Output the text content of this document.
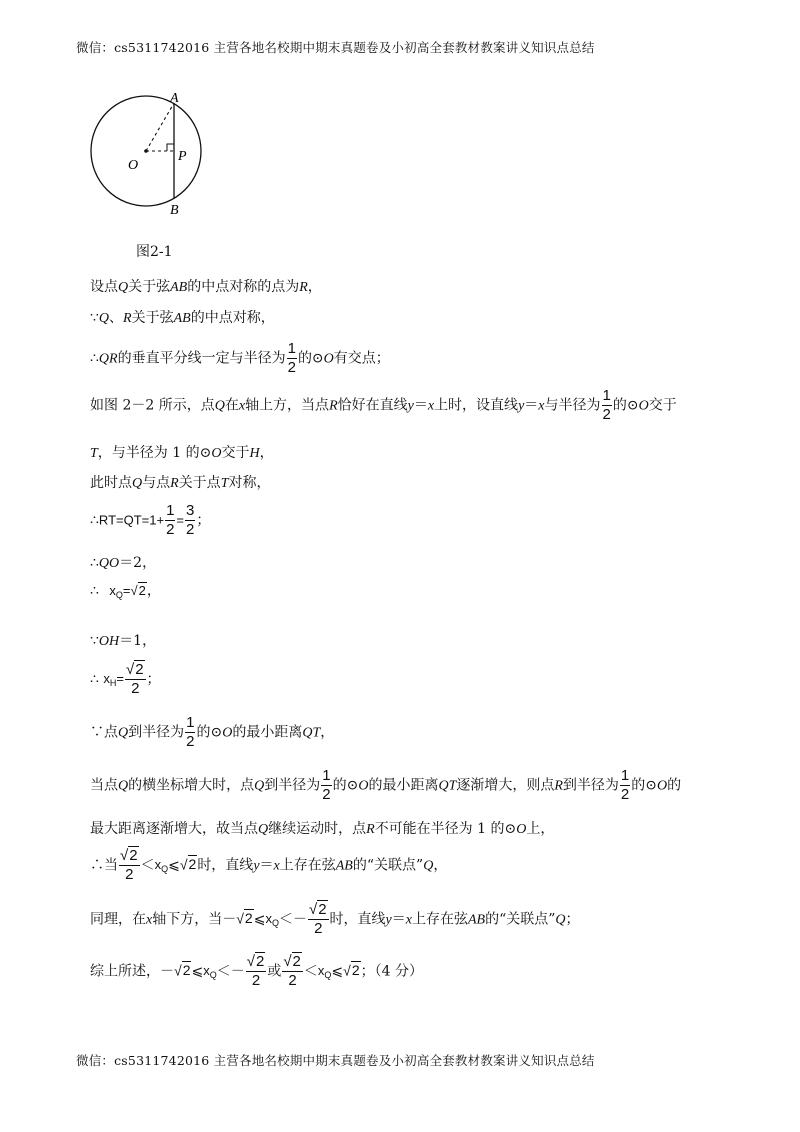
微信：cs5311742016 主营各地名校期中期末真题卷及小初高全套教材教案讲义知识点总结
A
B
O
P
图2-1
设点Q关于弦AB的中点对称的点为R，
∵Q、R关于弦AB的中点对称，
∴QR的垂直平分线一定与半径为 $\frac{1}{2}$ 的⊙O有交点；
如图 2－2 所示，点Q在x轴上方，当点R恰好在直线y＝x上时，设直线y＝x与半径为 $\frac{1}{2}$ 的⊙O交于
T，与半径为 1 的⊙O交于H，
此时点Q与点R关于点T对称，
∴RT=QT=1+ $\frac{1}{2} = \frac{3}{2}$ ；
∴QO＝2，
∴ $x_Q=√2$，
∵OH＝1，
∴ $x_H= \frac{√2}{2}$ ；
∵点Q到半径为 $\frac{1}{2}$ 的⊙O的最小距离QT，
当点Q的横坐标增大时，点Q到半径为 $\frac{1}{2}$ 的⊙O的最小距离QT逐渐增大，则点R到半径为 $\frac{1}{2}$ 的⊙O的
最大距离逐渐增大，故当点Q继续运动时，点R不可能在半径为 1 的⊙O上，
∴当 $\frac{√2}{2}$ $<x_Q⩽√2$时，直线y＝x上存在弦AB的“关联点”Q，
同理，在x轴下方，当$-√2⩽x_Q<- \frac{√2}{2}$ 时，直线y＝x上存在弦AB的“关联点”Q；
综上所述，$-√2⩽x_Q<- \frac{√2}{2}$ 或 $\frac{√2}{2}$ $<x_Q⩽√2$；（4 分）
微信：cs5311742016 主营各地名校期中期末真题卷及小初高全套教材教案讲义知识点总结
